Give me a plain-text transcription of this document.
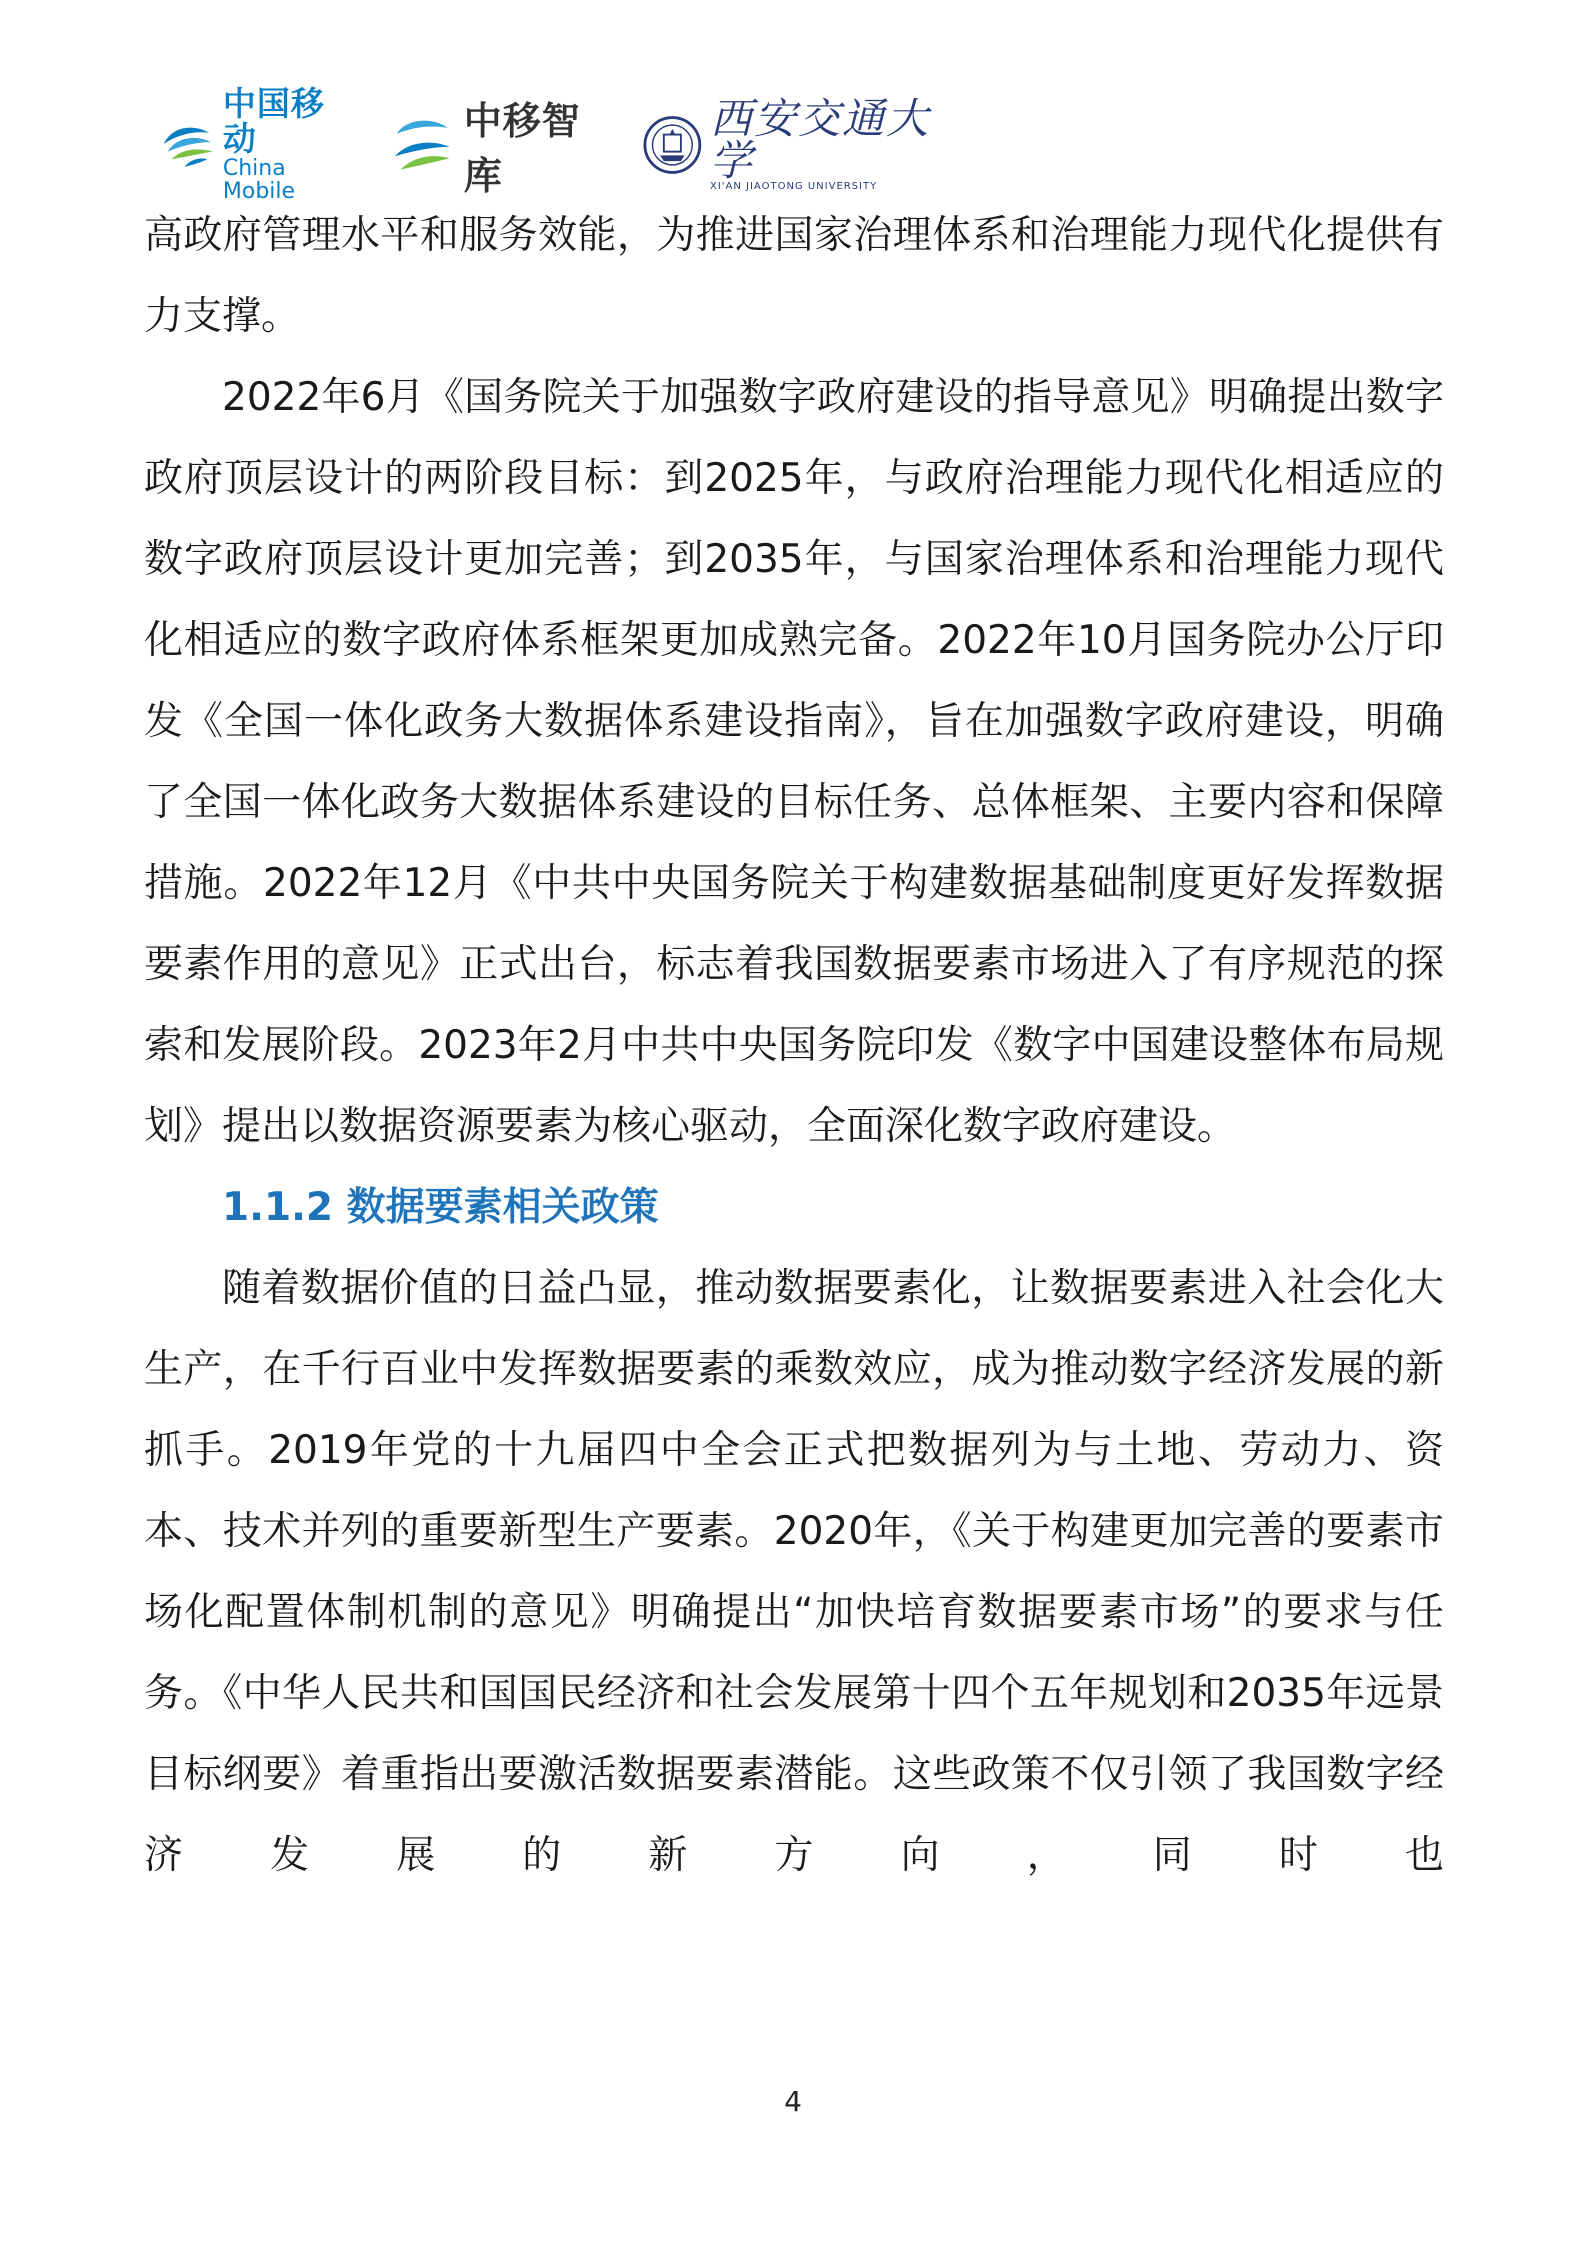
中国移动
China Mobile
中移智库
西安交通大学
XI'AN JIAOTONG UNIVERSITY

高政府管理水平和服务效能，为推进国家治理体系和治理能力现代化提供有力支撑。

2022年6月《国务院关于加强数字政府建设的指导意见》明确提出数字政府顶层设计的两阶段目标：到2025年，与政府治理能力现代化相适应的数字政府顶层设计更加完善；到2035年，与国家治理体系和治理能力现代化相适应的数字政府体系框架更加成熟完备。2022年10月国务院办公厅印发《全国一体化政务大数据体系建设指南》，旨在加强数字政府建设，明确了全国一体化政务大数据体系建设的目标任务、总体框架、主要内容和保障措施。2022年12月《中共中央国务院关于构建数据基础制度更好发挥数据要素作用的意见》正式出台，标志着我国数据要素市场进入了有序规范的探索和发展阶段。2023年2月中共中央国务院印发《数字中国建设整体布局规划》提出以数据资源要素为核心驱动，全面深化数字政府建设。

1.1.2 数据要素相关政策

随着数据价值的日益凸显，推动数据要素化，让数据要素进入社会化大生产，在千行百业中发挥数据要素的乘数效应，成为推动数字经济发展的新抓手。2019年党的十九届四中全会正式把数据列为与土地、劳动力、资本、技术并列的重要新型生产要素。2020年，《关于构建更加完善的要素市场化配置体制机制的意见》明确提出“加快培育数据要素市场”的要求与任务。《中华人民共和国国民经济和社会发展第十四个五年规划和2035年远景目标纲要》着重指出要激活数据要素潜能。这些政策不仅引领了我国数字经济发展的新方向，同时也

4
